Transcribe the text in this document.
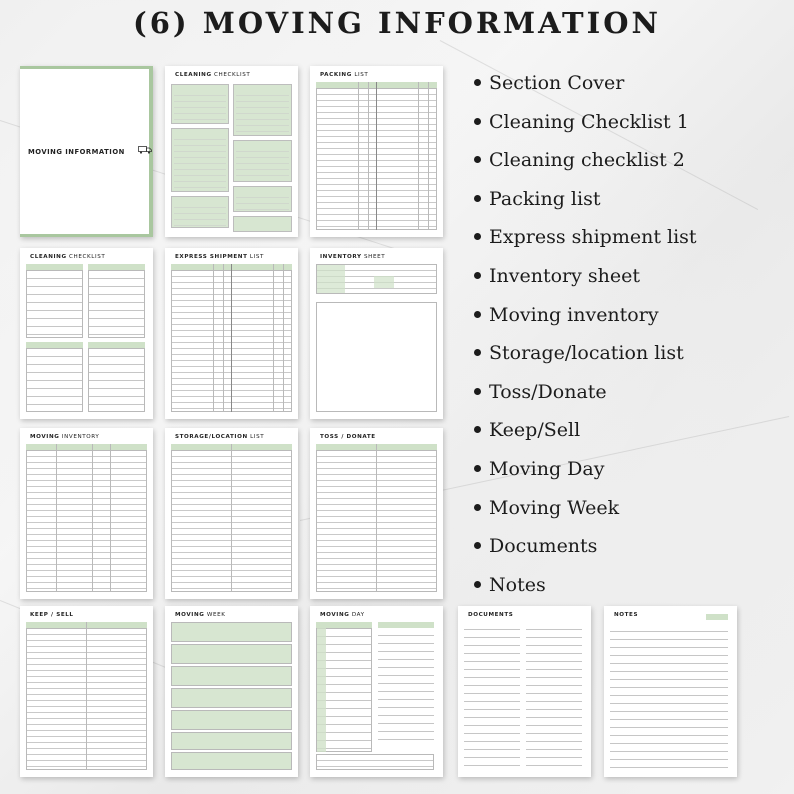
(6) MOVING INFORMATION
MOVING INFORMATION
CLEANING CHECKLIST	PACKING LIST
CLEANING CHECKLIST	EXPRESS SHIPMENT LIST	INVENTORY SHEET
MOVING INVENTORY	STORAGE/LOCATION LIST	TOSS / DONATE
KEEP / SELL	MOVING WEEK	MOVING DAY	DOCUMENTS	NOTES
Section Cover
Cleaning Checklist 1
Cleaning checklist 2
Packing list
Express shipment list
Inventory sheet
Moving inventory
Storage/location list
Toss/Donate
Keep/Sell
Moving Day
Moving Week
Documents
Notes
